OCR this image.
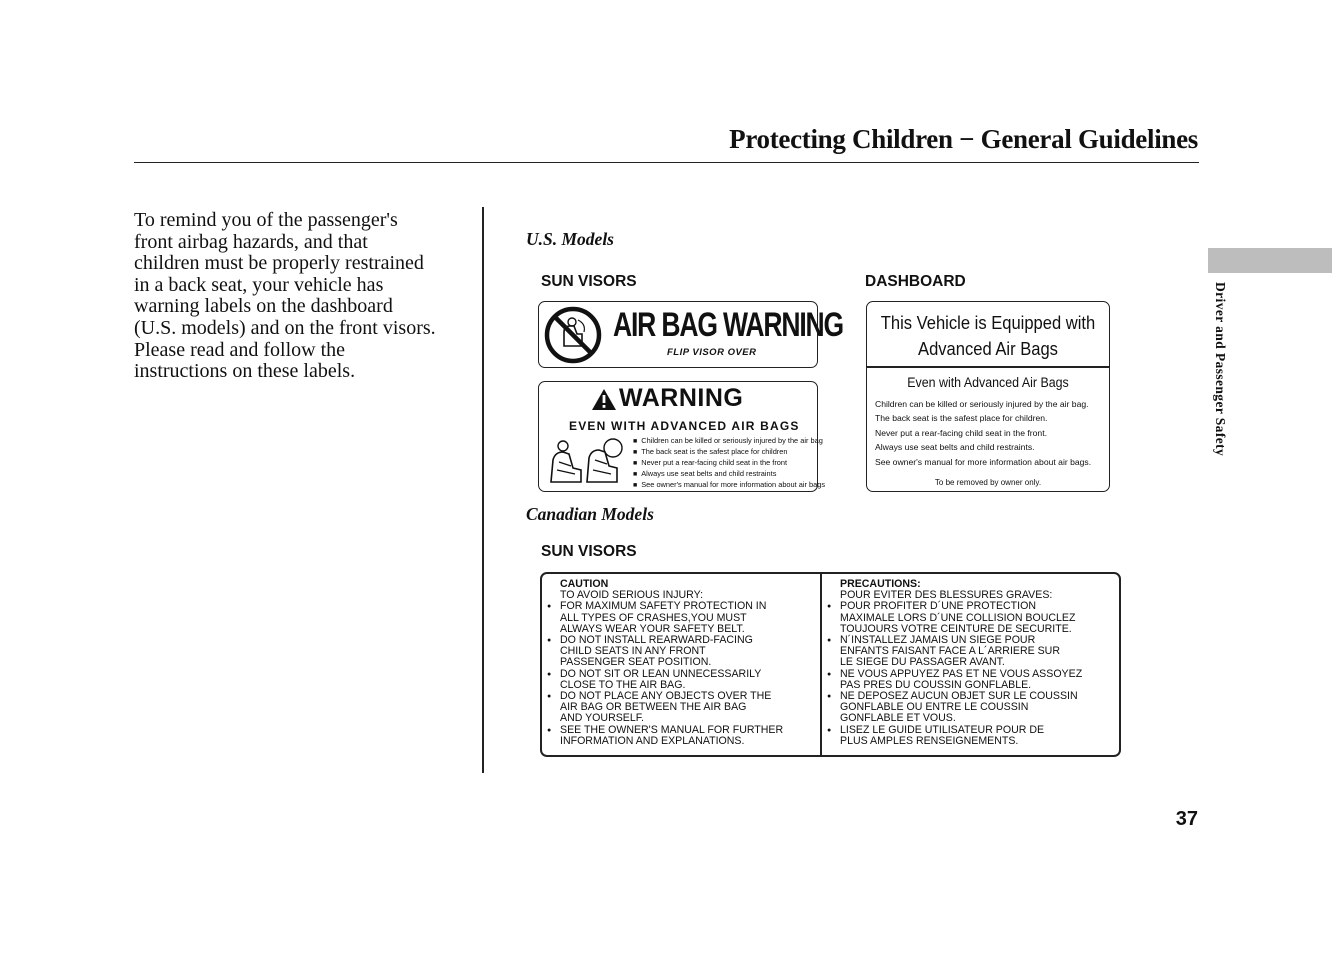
Protecting Children − General Guidelines
Driver and Passenger Safety
To remind you of the passenger's
front airbag hazards, and that
children must be properly restrained
in a back seat, your vehicle has
warning labels on the dashboard
(U.S. models) and on the front visors.
Please read and follow the
instructions on these labels.
U.S. Models
SUN VISORS	DASHBOARD
AIR BAG WARNING
FLIP VISOR OVER
WARNING
EVEN WITH ADVANCED AIR BAGS
■ Children can be killed or seriously injured by the air bag
■ The back seat is the safest place for children
■ Never put a rear-facing child seat in the front
■ Always use seat belts and child restraints
■ See owner's manual for more information about air bags
This Vehicle is Equipped with
Advanced Air Bags
Even with Advanced Air Bags
Children can be killed or seriously injured by the air bag.
The back seat is the safest place for children.
Never put a rear-facing child seat in the front.
Always use seat belts and child restraints.
See owner's manual for more information about air bags.
To be removed by owner only.
Canadian Models
SUN VISORS
CAUTION
TO AVOID SERIOUS INJURY:
● FOR MAXIMUM SAFETY PROTECTION IN
ALL TYPES OF CRASHES,YOU MUST
ALWAYS WEAR YOUR SAFETY BELT.
● DO NOT INSTALL REARWARD-FACING
CHILD SEATS IN ANY FRONT
PASSENGER SEAT POSITION.
● DO NOT SIT OR LEAN UNNECESSARILY
CLOSE TO THE AIR BAG.
● DO NOT PLACE ANY OBJECTS OVER THE
AIR BAG OR BETWEEN THE AIR BAG
AND YOURSELF.
● SEE THE OWNER'S MANUAL FOR FURTHER
INFORMATION AND EXPLANATIONS.
PRECAUTIONS:
POUR EVITER DES BLESSURES GRAVES:
● POUR PROFITER D´UNE PROTECTION
MAXIMALE LORS D´UNE COLLISION BOUCLEZ
TOUJOURS VOTRE CEINTURE DE SECURITE.
● N´INSTALLEZ JAMAIS UN SIEGE POUR
ENFANTS FAISANT FACE A L´ARRIERE SUR
LE SIEGE DU PASSAGER AVANT.
● NE VOUS APPUYEZ PAS ET NE VOUS ASSOYEZ
PAS PRES DU COUSSIN GONFLABLE.
● NE DEPOSEZ AUCUN OBJET SUR LE COUSSIN
GONFLABLE OU ENTRE LE COUSSIN
GONFLABLE ET VOUS.
● LISEZ LE GUIDE UTILISATEUR POUR DE
PLUS AMPLES RENSEIGNEMENTS.
37
